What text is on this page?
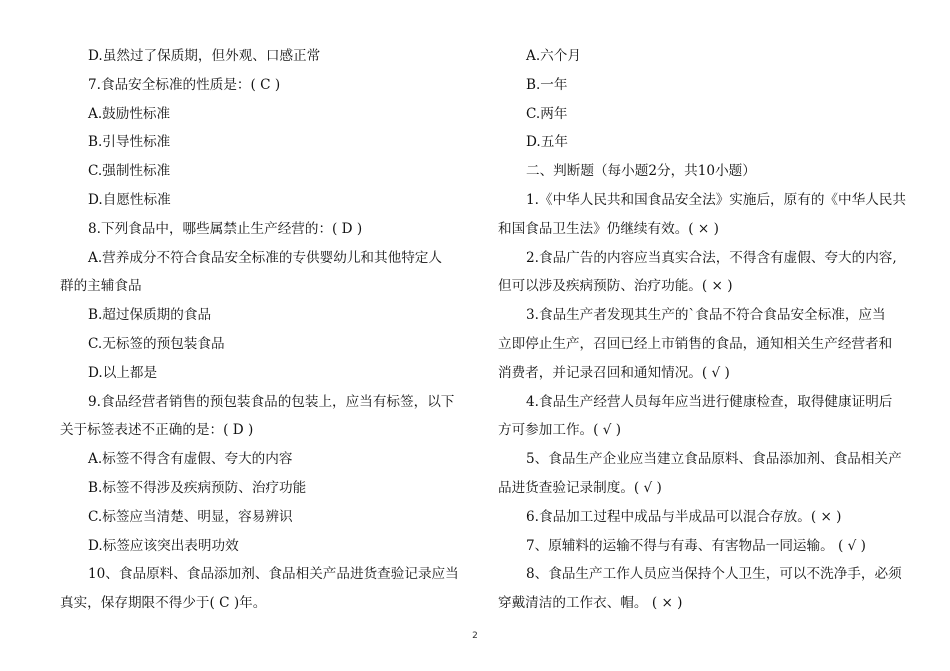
D.虽然过了保质期，但外观、口感正常
7.食品安全标准的性质是：( C )
A.鼓励性标准
B.引导性标准
C.强制性标准
D.自愿性标准
8.下列食品中，哪些属禁止生产经营的：( D )
A.营养成分不符合食品安全标准的专供婴幼儿和其他特定人
群的主辅食品
B.超过保质期的食品
C.无标签的预包装食品
D.以上都是
9.食品经营者销售的预包装食品的包装上，应当有标签，以下
关于标签表述不正确的是：( D )
A.标签不得含有虚假、夸大的内容
B.标签不得涉及疾病预防、治疗功能
C.标签应当清楚、明显，容易辨识
D.标签应该突出表明功效
10、食品原料、食品添加剂、食品相关产品进货查验记录应当
真实，保存期限不得少于( C )年。
A.六个月
B.一年
C.两年
D.五年
二、判断题（每小题2分，共10小题）
1.《中华人民共和国食品安全法》实施后，原有的《中华人民共
和国食品卫生法》仍继续有效。( × )
2.食品广告的内容应当真实合法，不得含有虚假、夸大的内容,
但可以涉及疾病预防、治疗功能。( × )
3.食品生产者发现其生产的`食品不符合食品安全标准，应当
立即停止生产，召回已经上市销售的食品，通知相关生产经营者和
消费者，并记录召回和通知情况。( √ )
4.食品生产经营人员每年应当进行健康检查，取得健康证明后
方可参加工作。( √ )
5、食品生产企业应当建立食品原料、食品添加剂、食品相关产
品进货查验记录制度。( √ )
6.食品加工过程中成品与半成品可以混合存放。( × )
7、原辅料的运输不得与有毒、有害物品一同运输。 ( √ )
8、食品生产工作人员应当保持个人卫生，可以不洗净手，必须
穿戴清洁的工作衣、帽。 ( × )
2
